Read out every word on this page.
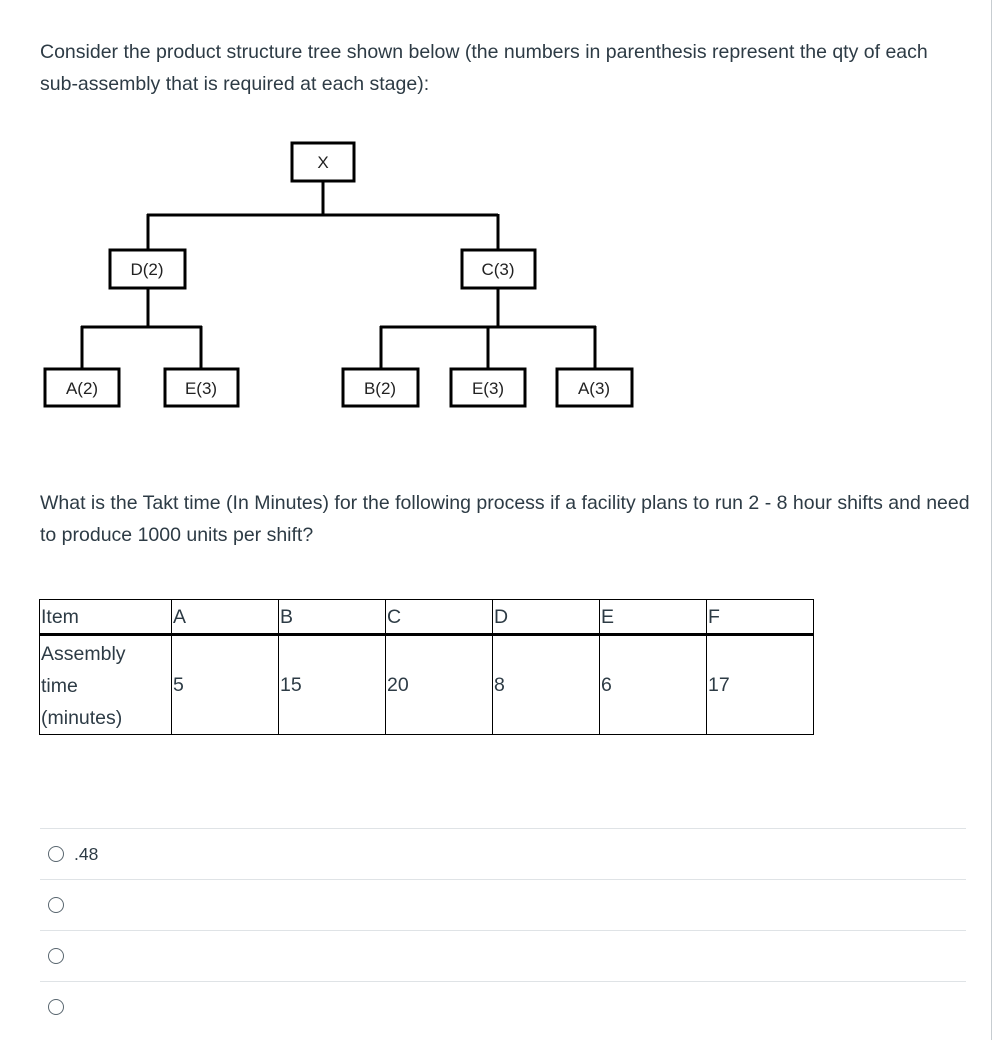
Consider the product structure tree shown below (the numbers in parenthesis represent the qty of each sub-assembly that is required at each stage):

X
D(2)	C(3)
A(2)	E(3)	B(2)	E(3)	A(3)

What is the Takt time (In Minutes) for the following process if a facility plans to run 2 - 8 hour shifts and need to produce 1000 units per shift?

Item	A	B	C	D	E	F

Assembly
time
(minutes)	5	15	20	8	6	17
.48
